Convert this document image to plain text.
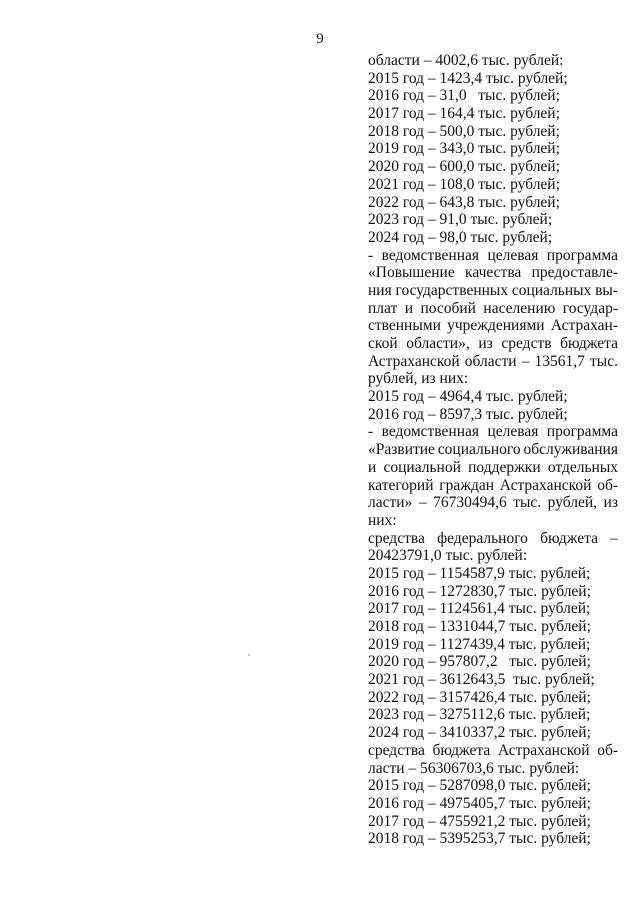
9
области – 4002,6 тыс. рублей:
2015 год – 1423,4 тыс. рублей;
2016 год – 31,0   тыс. рублей;
2017 год – 164,4 тыс. рублей;
2018 год – 500,0 тыс. рублей;
2019 год – 343,0 тыс. рублей;
2020 год – 600,0 тыс. рублей;
2021 год – 108,0 тыс. рублей;
2022 год – 643,8 тыс. рублей;
2023 год – 91,0 тыс. рублей;
2024 год – 98,0 тыс. рублей;
- ведомственная целевая программа
«Повышение качества предоставле-
ния государственных социальных вы-
плат и пособий населению государ-
ственными учреждениями Астрахан-
ской области», из средств бюджета
Астраханской области – 13561,7 тыс.
рублей, из них:
2015 год – 4964,4 тыс. рублей;
2016 год – 8597,3 тыс. рублей;
- ведомственная целевая программа
«Развитие социального обслуживания
и социальной поддержки отдельных
категорий граждан Астраханской об-
ласти» – 76730494,6 тыс. рублей, из
них:
средства федерального бюджета –
20423791,0 тыс. рублей:
2015 год – 1154587,9 тыс. рублей;
2016 год – 1272830,7 тыс. рублей;
2017 год – 1124561,4 тыс. рублей;
2018 год – 1331044,7 тыс. рублей;
2019 год – 1127439,4 тыс. рублей;
2020 год – 957807,2   тыс. рублей;
2021 год – 3612643,5  тыс. рублей;
2022 год – 3157426,4 тыс. рублей;
2023 год – 3275112,6 тыс. рублей;
2024 год – 3410337,2 тыс. рублей;
средства бюджета Астраханской об-
ласти – 56306703,6 тыс. рублей:
2015 год – 5287098,0 тыс. рублей;
2016 год – 4975405,7 тыс. рублей;
2017 год – 4755921,2 тыс. рублей;
2018 год – 5395253,7 тыс. рублей;
